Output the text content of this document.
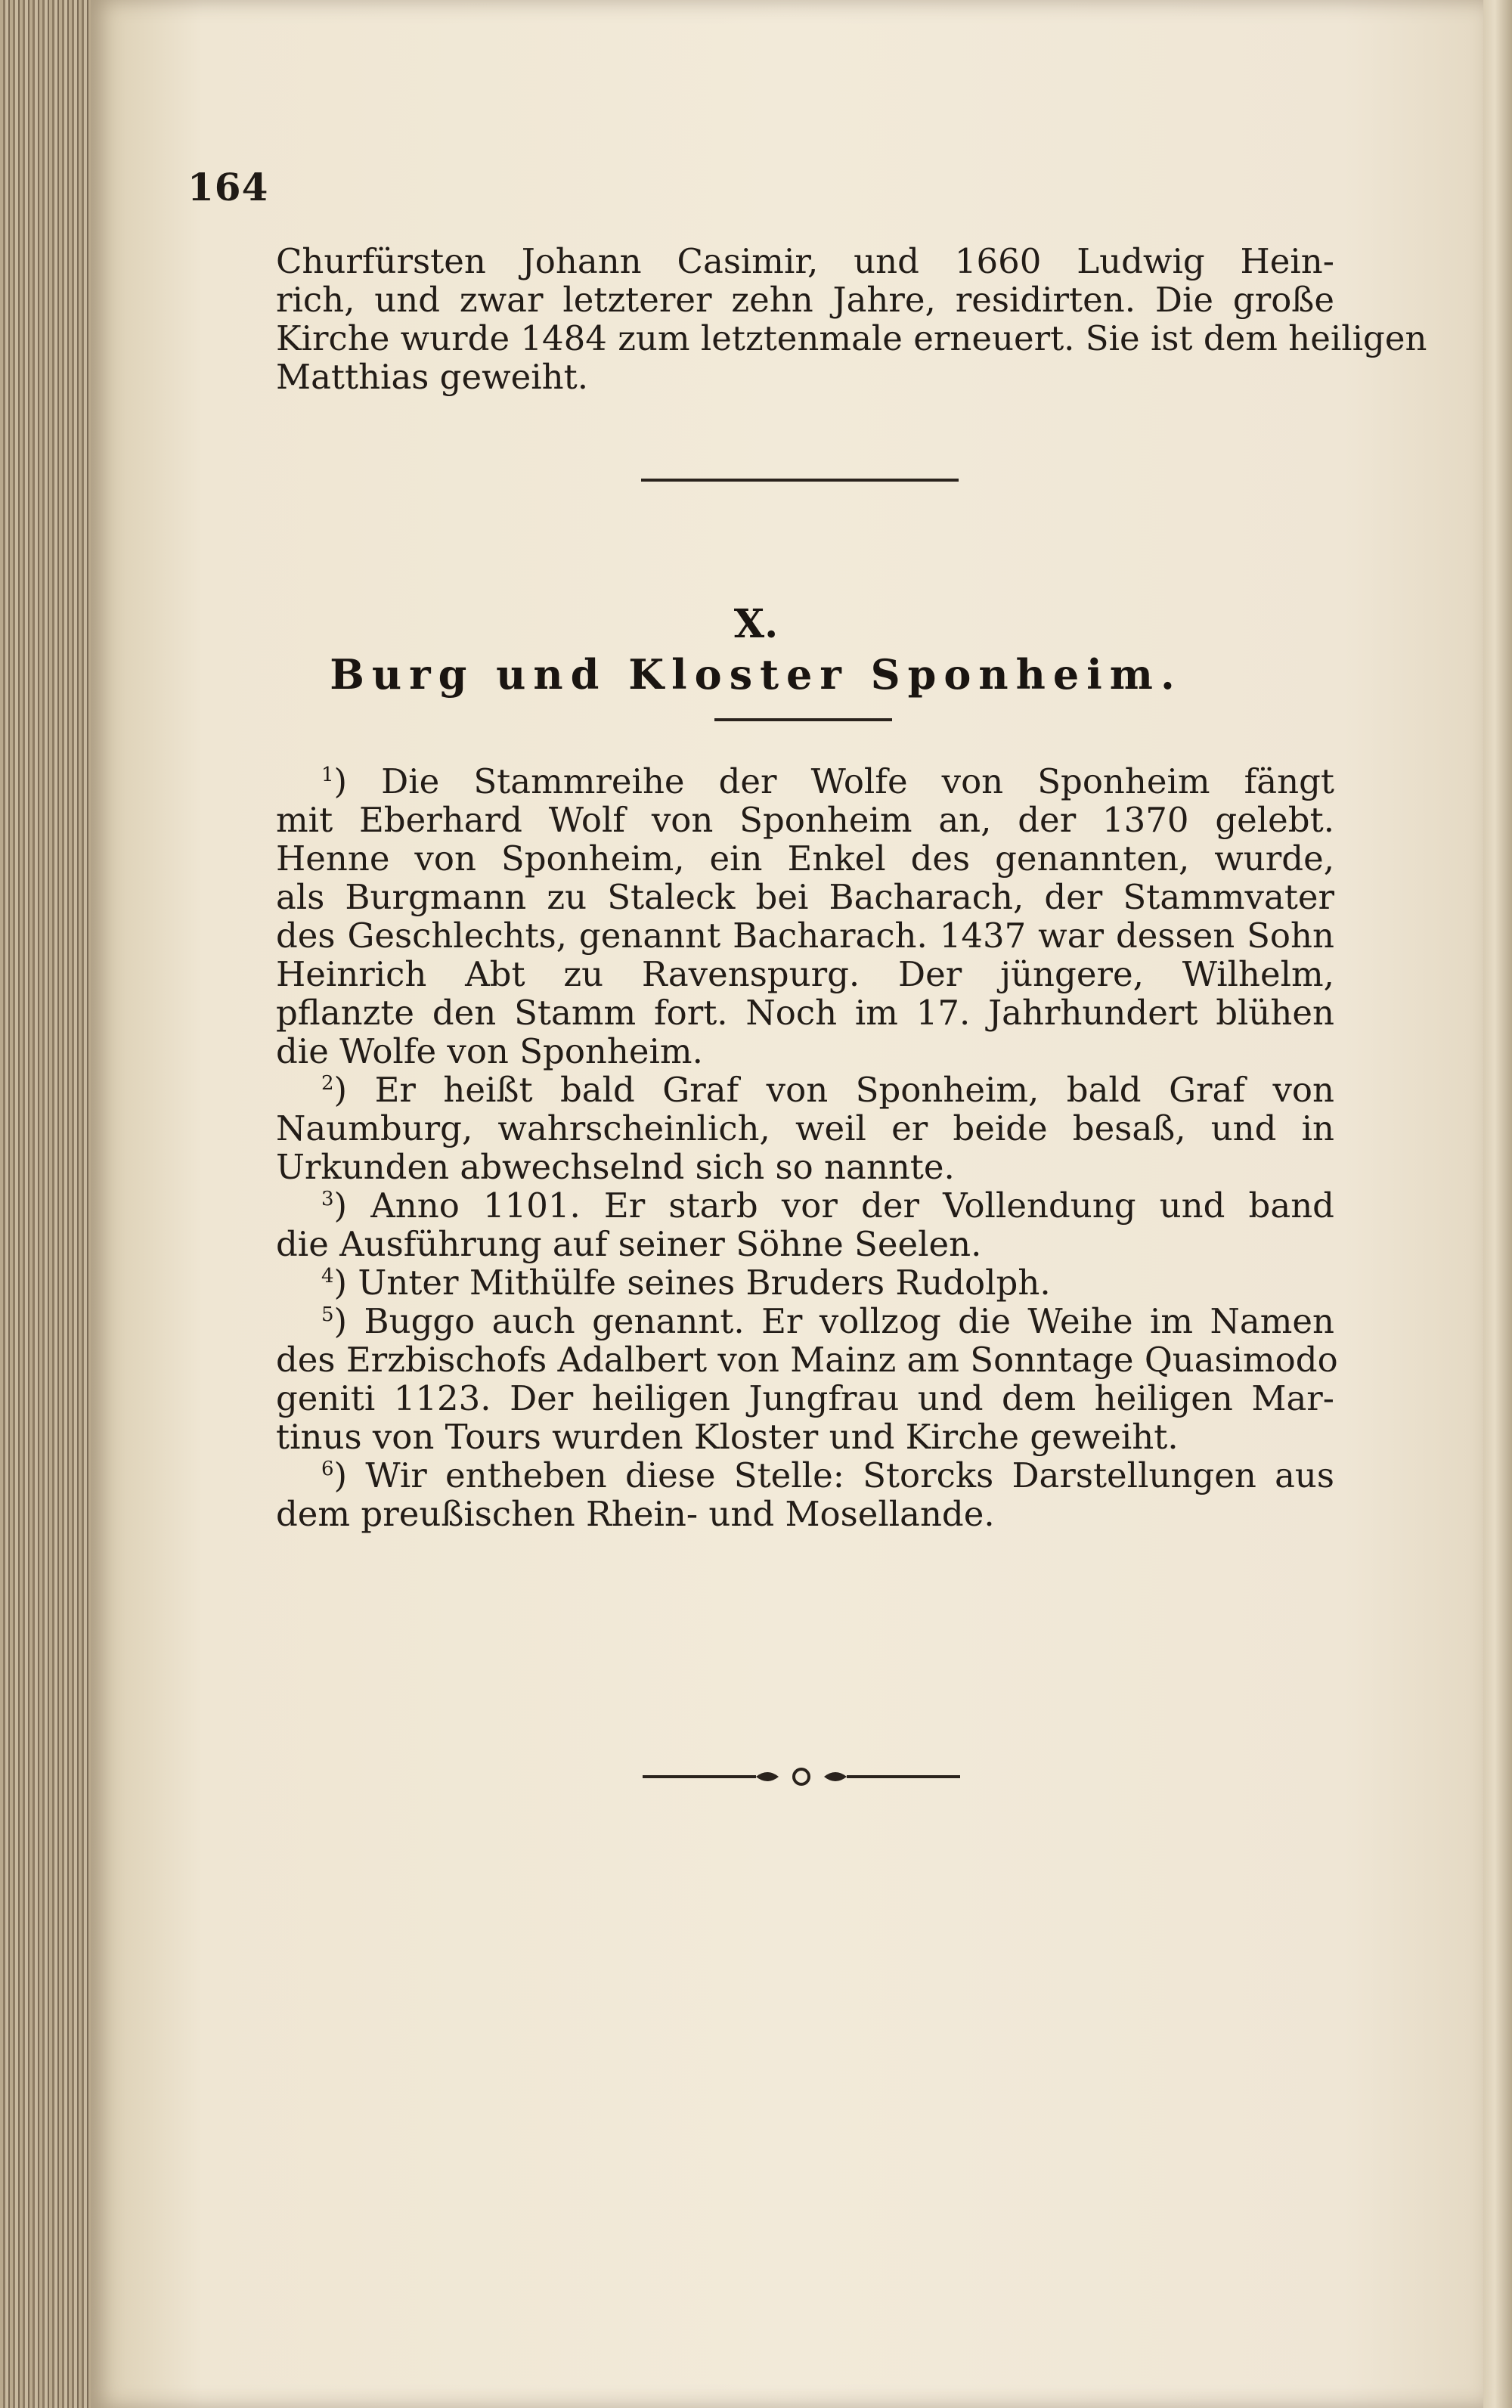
164
Churfürsten Johann Casimir, und 1660 Ludwig Hein-
rich, und zwar letzterer zehn Jahre, residirten. Die große
Kirche wurde 1484 zum letztenmale erneuert. Sie ist dem heiligen
Matthias geweiht.
X.
Burg und Kloster Sponheim.
$^1$) Die Stammreihe der Wolfe von Sponheim fängt
mit Eberhard Wolf von Sponheim an, der 1370 gelebt.
Henne von Sponheim, ein Enkel des genannten, wurde,
als Burgmann zu Staleck bei Bacharach, der Stammvater
des Geschlechts, genannt Bacharach. 1437 war dessen Sohn
Heinrich Abt zu Ravenspurg. Der jüngere, Wilhelm,
pflanzte den Stamm fort. Noch im 17. Jahrhundert blühen
die Wolfe von Sponheim.
$^2$) Er heißt bald Graf von Sponheim, bald Graf von
Naumburg, wahrscheinlich, weil er beide besaß, und in
Urkunden abwechselnd sich so nannte.
$^3$) Anno 1101. Er starb vor der Vollendung und band
die Ausführung auf seiner Söhne Seelen.
$^4$) Unter Mithülfe seines Bruders Rudolph.
$^5$) Buggo auch genannt. Er vollzog die Weihe im Namen
des Erzbischofs Adalbert von Mainz am Sonntage Quasimodo
geniti 1123. Der heiligen Jungfrau und dem heiligen Mar-
tinus von Tours wurden Kloster und Kirche geweiht.
$^6$) Wir entheben diese Stelle: Storcks Darstellungen aus
dem preußischen Rhein- und Mosellande.
